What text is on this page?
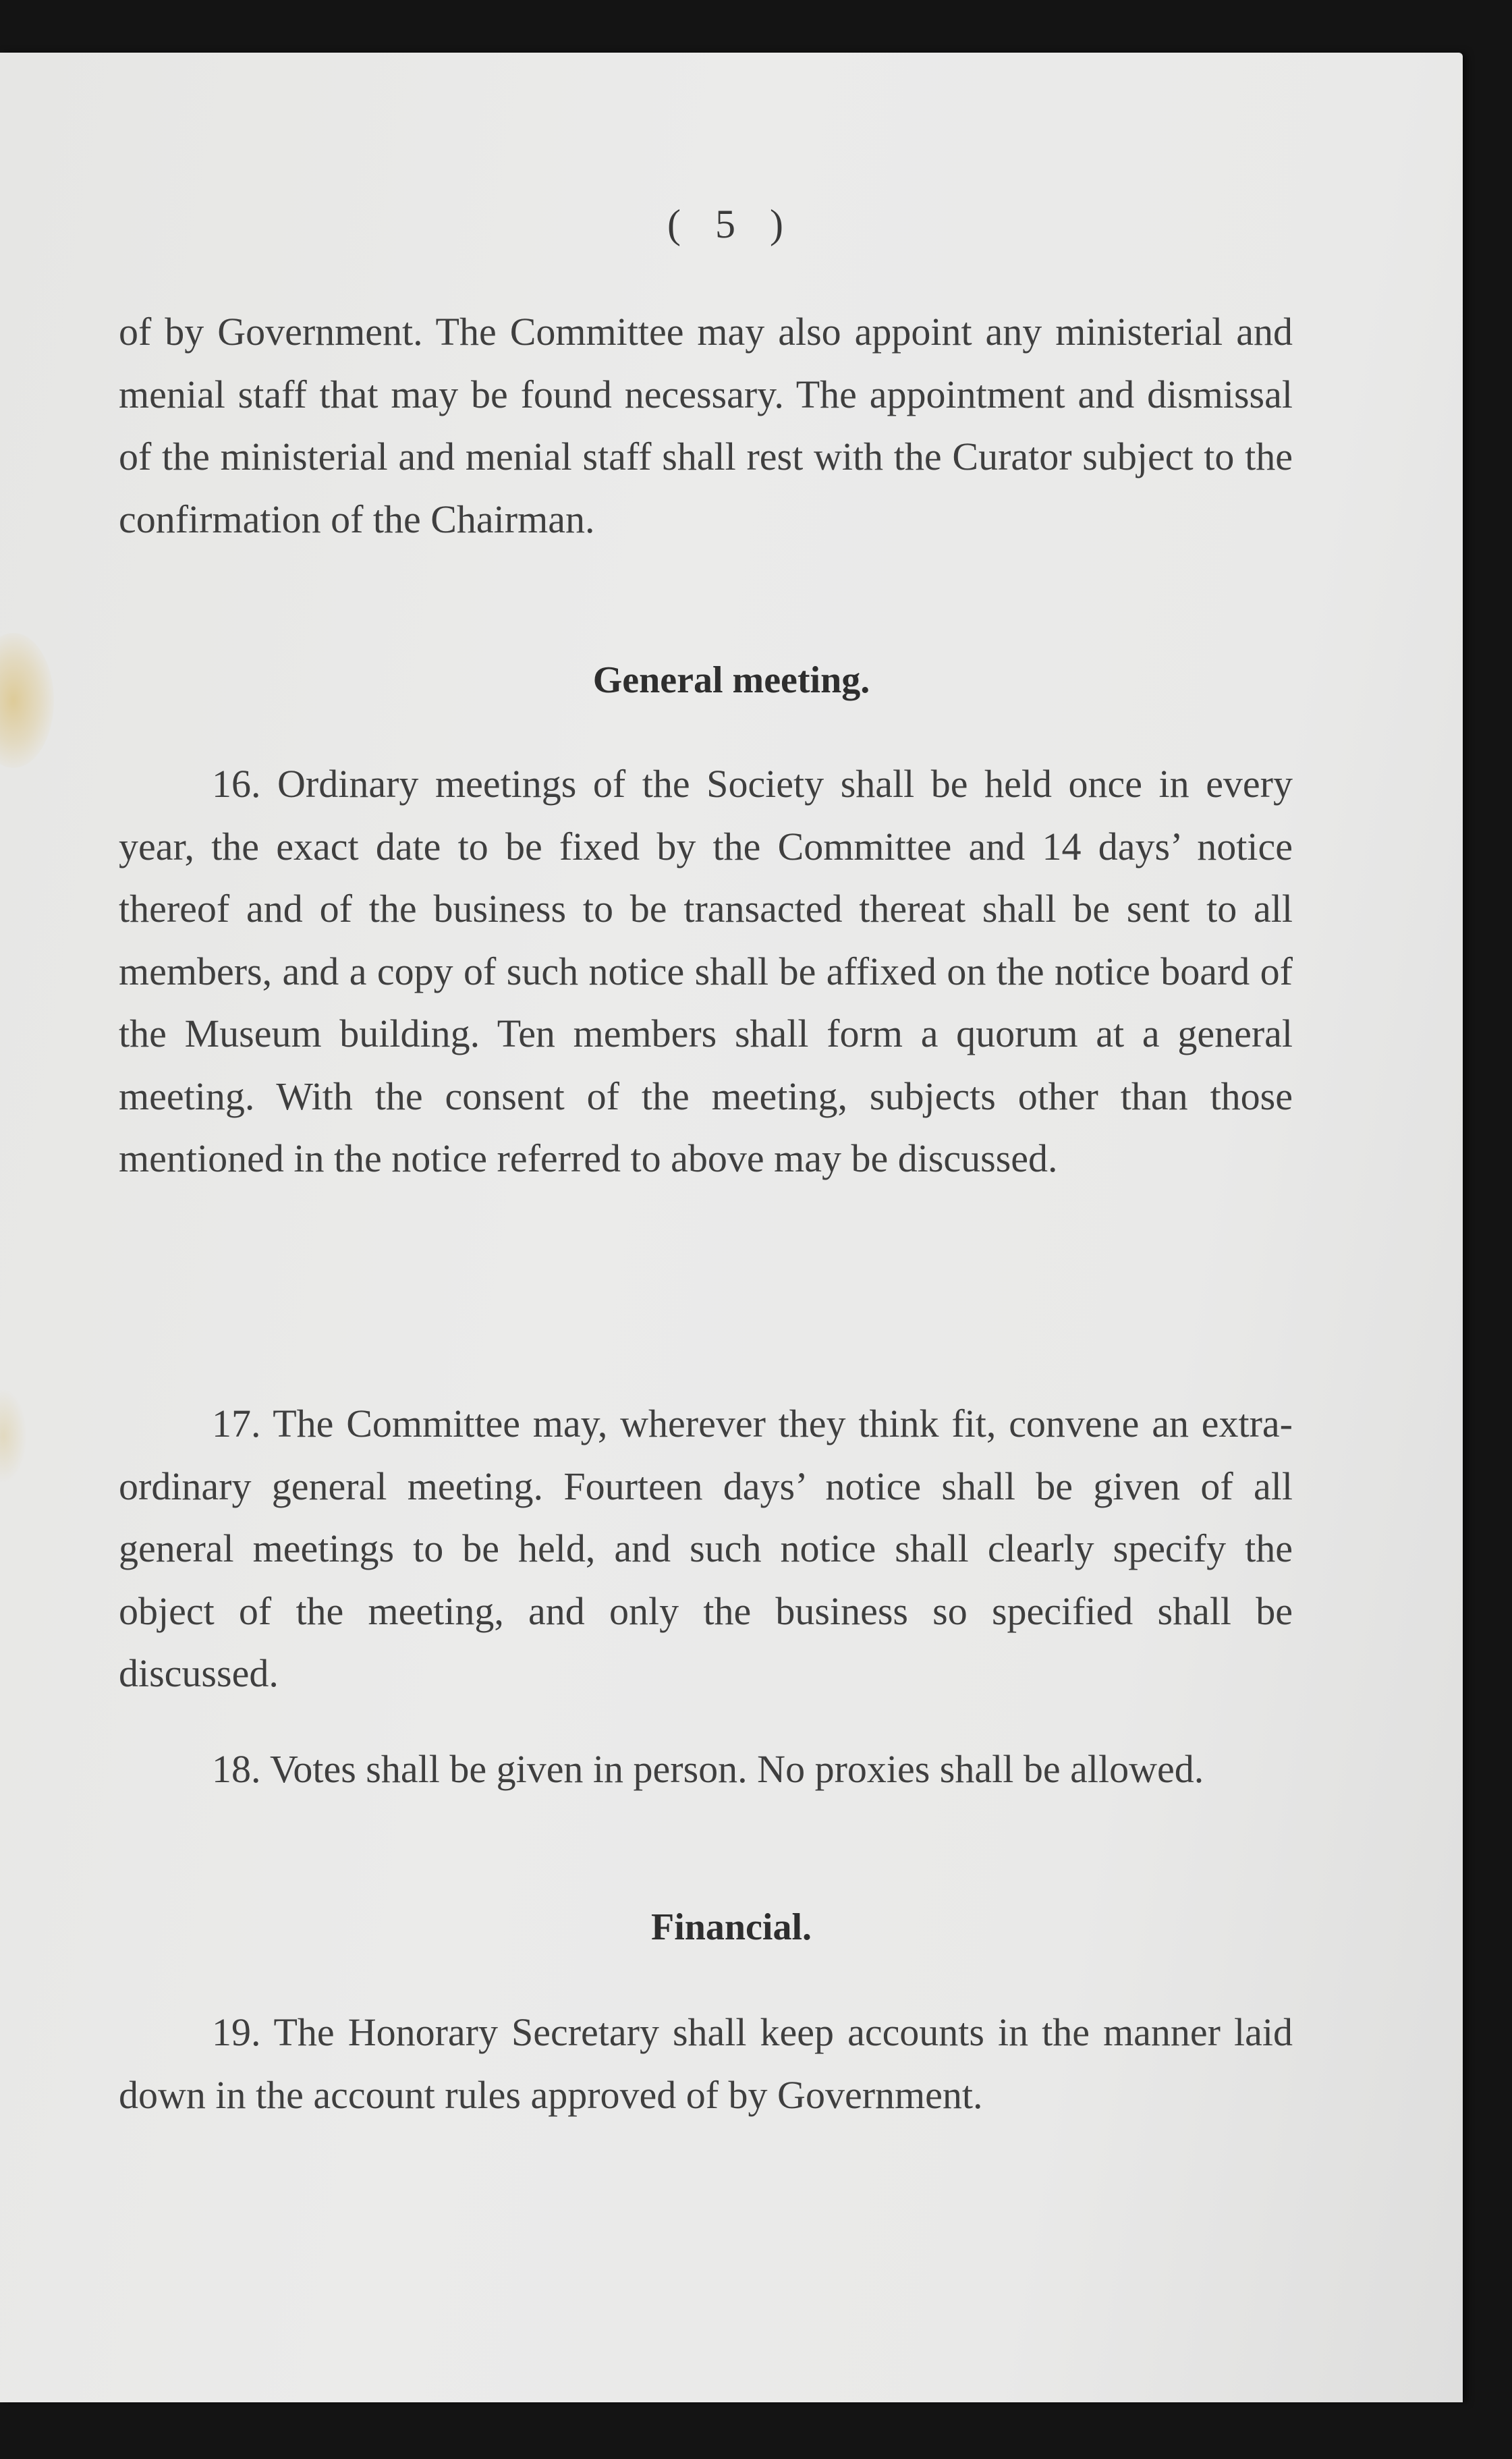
( 5 )

of by Government. The Committee may also appoint any ministerial and menial staff that may be found necessary. The appointment and dismissal of the ministerial and menial staff shall rest with the Curator subject to the confirmation of the Chairman.

General meeting.

16. Ordinary meetings of the Society shall be held once in every year, the exact date to be fixed by the Committee and 14 days’ notice thereof and of the business to be transacted thereat shall be sent to all members, and a copy of such notice shall be affixed on the notice board of the Museum building. Ten members shall form a quorum at a general meeting. With the consent of the meeting, subjects other than those mentioned in the notice referred to above may be discussed.

17. The Committee may, wherever they think fit, convene an extra-ordinary general meeting. Fourteen days’ notice shall be given of all general meetings to be held, and such notice shall clearly specify the object of the meeting, and only the business so specified shall be discussed.

18. Votes shall be given in person. No proxies shall be allowed.

Financial.

19. The Honorary Secretary shall keep accounts in the manner laid down in the account rules approved of by Government.
